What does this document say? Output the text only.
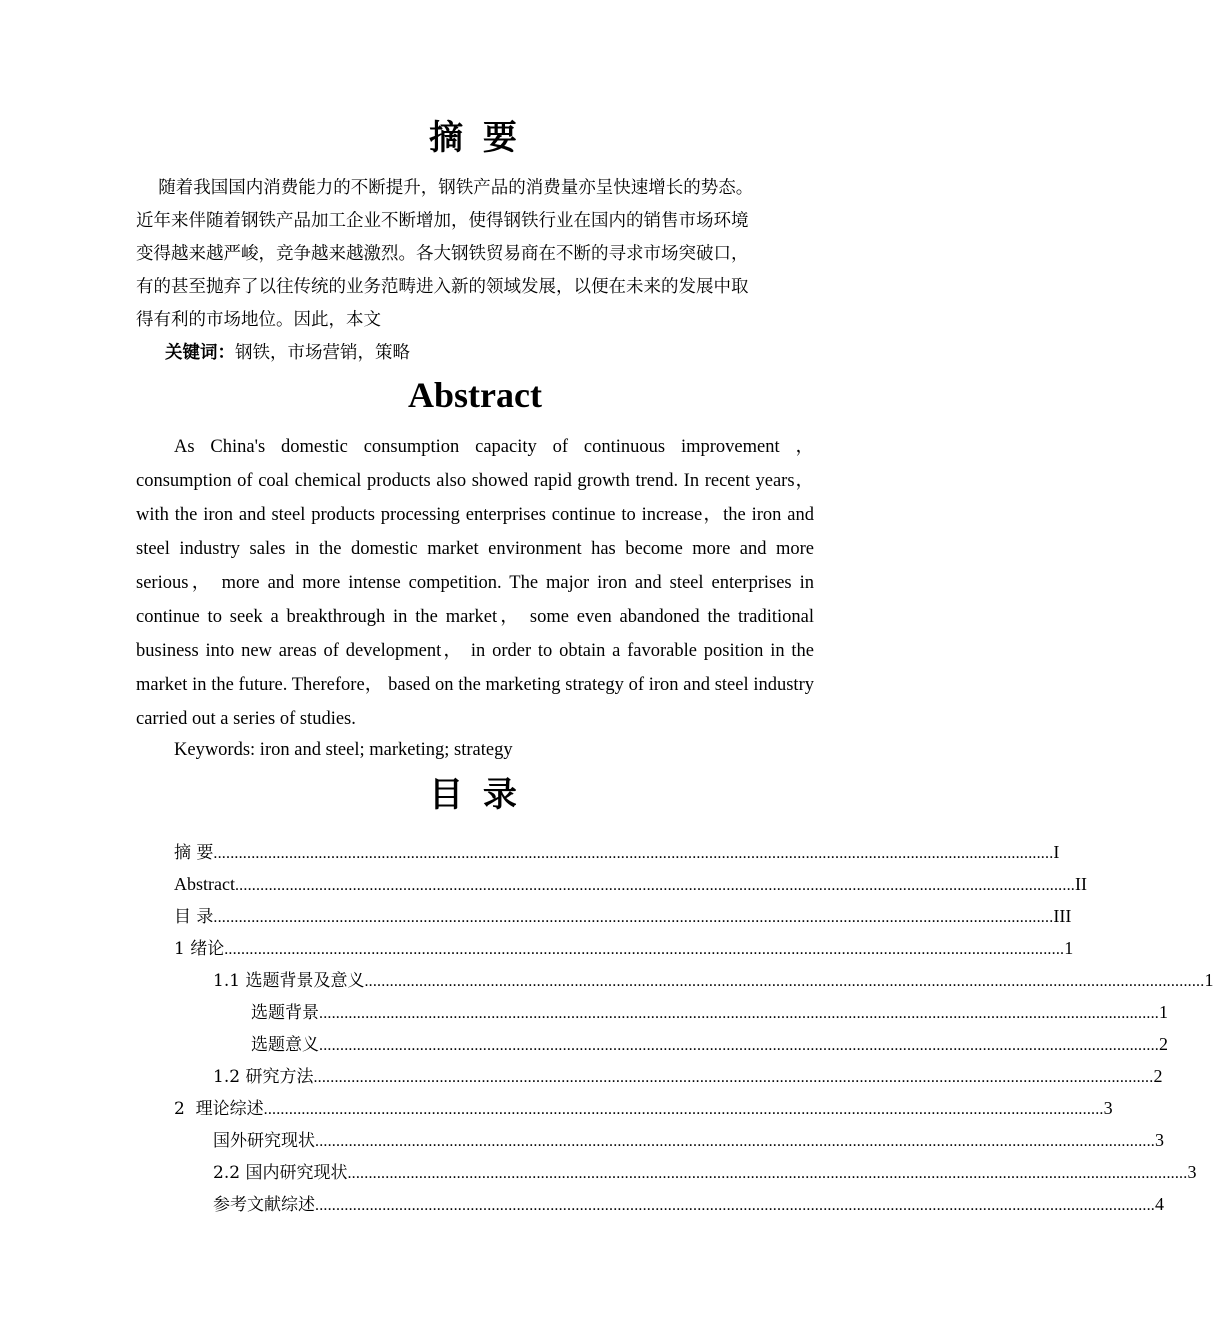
摘 要
随着我国国内消费能力的不断提升，钢铁产品的消费量亦呈快速增长的势态。
近年来伴随着钢铁产品加工企业不断增加，使得钢铁行业在国内的销售市场环境
变得越来越严峻，竞争越来越激烈。各大钢铁贸易商在不断的寻求市场突破口，
有的甚至抛弃了以往传统的业务范畴进入新的领域发展，以便在未来的发展中取
得有利的市场地位。因此，本文
关键词：钢铁，市场营销，策略
Abstract

As China's domestic consumption capacity of continuous improvement ，consumption of coal chemical products also showed rapid growth trend. In recent years， with the iron and steel products processing enterprises continue to increase，the iron and steel industry sales in the domestic market environment has become more and more serious， more and more intense competition. The major iron and steel enterprises in continue to seek a breakthrough in the market， some even abandoned the traditional business into new areas of development， in order to obtain a favorable position in the market in the future. Therefore， based on the marketing strategy of iron and steel industry carried out a series of studies.

Keywords: iron and steel; marketing; strategy
目 录
摘 要 ........................................................................................................................................................................................................ I
Abstract ........................................................................................................................................................................................................ II
目 录 ........................................................................................................................................................................................................ III
1 绪论 ........................................................................................................................................................................................................ 1
1.1 选题背景及意义 ........................................................................................................................................................................................................ 1
选题背景 ........................................................................................................................................................................................................ 1
选题意义 ........................................................................................................................................................................................................ 2
1.2 研究方法 ........................................................................................................................................................................................................ 2
2  理论综述 ........................................................................................................................................................................................................ 3
国外研究现状 ........................................................................................................................................................................................................ 3
2.2 国内研究现状 ........................................................................................................................................................................................................ 3
参考文献综述 ........................................................................................................................................................................................................ 4
